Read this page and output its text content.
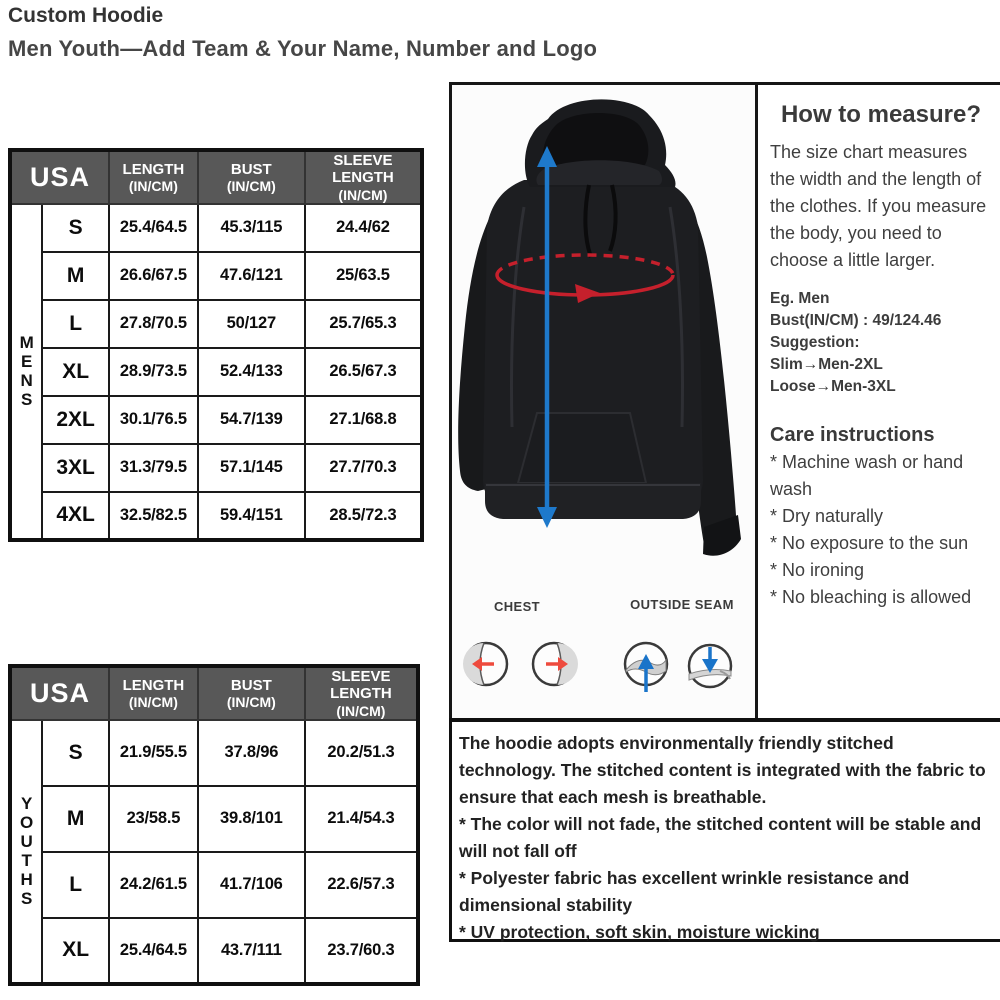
Custom Hoodie
Men Youth—Add Team & Your Name, Number and Logo
USA	LENGTH
(IN/CM)

BUST
(IN/CM)

SLEEVE LENGTH
(IN/CM)

M
E
N
S	S	25.4/64.5	45.3/115	24.4/62
	M	26.6/67.5	47.6/121	25/63.5
	L	27.8/70.5	50/127	25.7/65.3
	XL	28.9/73.5	52.4/133	26.5/67.3
	2XL	30.1/76.5	54.7/139	27.1/68.8
	3XL	31.3/79.5	57.1/145	27.7/70.3
	4XL	32.5/82.5	59.4/151	28.5/72.3
USA	LENGTH
(IN/CM)

BUST
(IN/CM)

SLEEVE LENGTH
(IN/CM)

Y
O
U
T
H
S
	S	21.9/55.5	37.8/96	20.2/51.3
	M	23/58.5	39.8/101	21.4/54.3
	L	24.2/61.5	41.7/106	22.6/57.3
	XL	25.4/64.5	43.7/111	23.7/60.3
CHEST	OUTSIDE SEAM
How to measure?

The size chart measures the width and the length of the clothes. If you measure the body, you need to choose a little larger.

Eg. Men
Bust(IN/CM) : 49/124.46
Suggestion:
Slim→Men-2XL
Loose→Men-3XL
Care instructions
* Machine wash or hand wash
* Dry naturally
* No exposure to the sun
* No ironing
* No bleaching is allowed

The hoodie adopts environmentally friendly stitched technology. The stitched content is integrated with the fabric to ensure that each mesh is breathable.

* The color will not fade, the stitched content will be stable and will not fall off
* Polyester fabric has excellent wrinkle resistance and dimensional stability
* UV protection, soft skin, moisture wicking
